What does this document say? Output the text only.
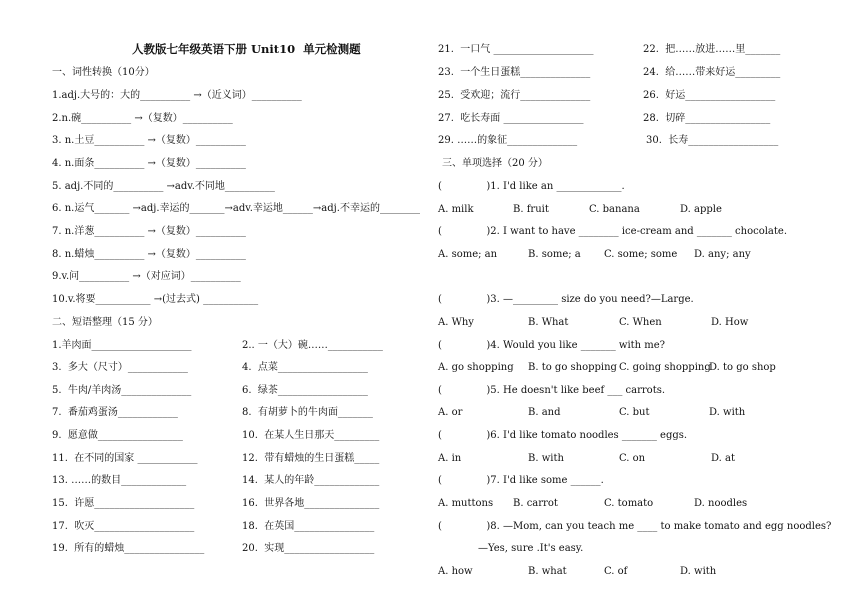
人教版七年级英语下册 Unit10  单元检测题
一、词性转换（10分）
1.adj.大号的：大的__________ →（近义词）__________
2.n.碗__________ →（复数）__________
3. n.土豆__________ →（复数）__________
4. n.面条__________ →（复数）__________
5. adj.不同的__________ →adv.不同地__________
6. n.运气_______ →adj.幸运的_______→adv.幸运地______→adj.不幸运的________
7. n.洋葱__________ →（复数）__________
8. n.蜡烛__________ →（复数）__________
9.v.问__________ →（对应词）__________
10.v.将要___________ →(过去式) ___________
二、短语整理（15 分）
1.羊肉面____________________	2.. 一（大）碗……___________
3.  多大（尺寸）____________	4.  点菜__________________
5.  牛肉/羊肉汤______________	6.  绿茶__________________
7.  番茄鸡蛋汤____________	8.  有胡萝卜的牛肉面_______
9.  愿意做_________________	10.  在某人生日那天_________
11.  在不同的国家 ____________	12.  带有蜡烛的生日蛋糕_____
13. ……的数目_____________	14.  某人的年龄_____________
15.  许愿____________________	16.  世界各地_______________
17.  吹灭____________________	18.  在英国________________
19.  所有的蜡烛________________	20.  实现__________________
21.  一口气 ____________________	22.  把……放进……里_______
23.  一个生日蛋糕______________	24.  给……带来好运_________
25.  受欢迎；流行______________	26.  好运__________________
27.  吃长寿面 ________________	28.  切碎_________________
29. ……的象征______________	30.  长寿__________________
三、单项选择（20 分）
(              )1. I'd like an _____________.
A. milk	B. fruit	C. banana	D. apple
(              )2. I want to have ________ ice-cream and _______ chocolate.
A. some; an	B. some; a C. some; some D. any; any
(              )3. —_________ size do you need?—Large.
A. Why	B. What	C. When	D. How
(              )4. Would you like _______ with me?
A. go shopping B. to go shopping C. going shopping
D. to go shop
(              )5. He doesn't like beef ___ carrots.
A. or	B. and	C. but	D. with
(              )6. I'd like tomato noodles _______ eggs.
A. in	B. with	C. on	D. at
(              )7. I'd like some ______.
A. muttons B. carrot	C. tomato	D. noodles
(              )8. —Mom, can you teach me ____ to make tomato and egg noodles?
—Yes, sure .It's easy.
A. how	B. what	C. of	D. with
